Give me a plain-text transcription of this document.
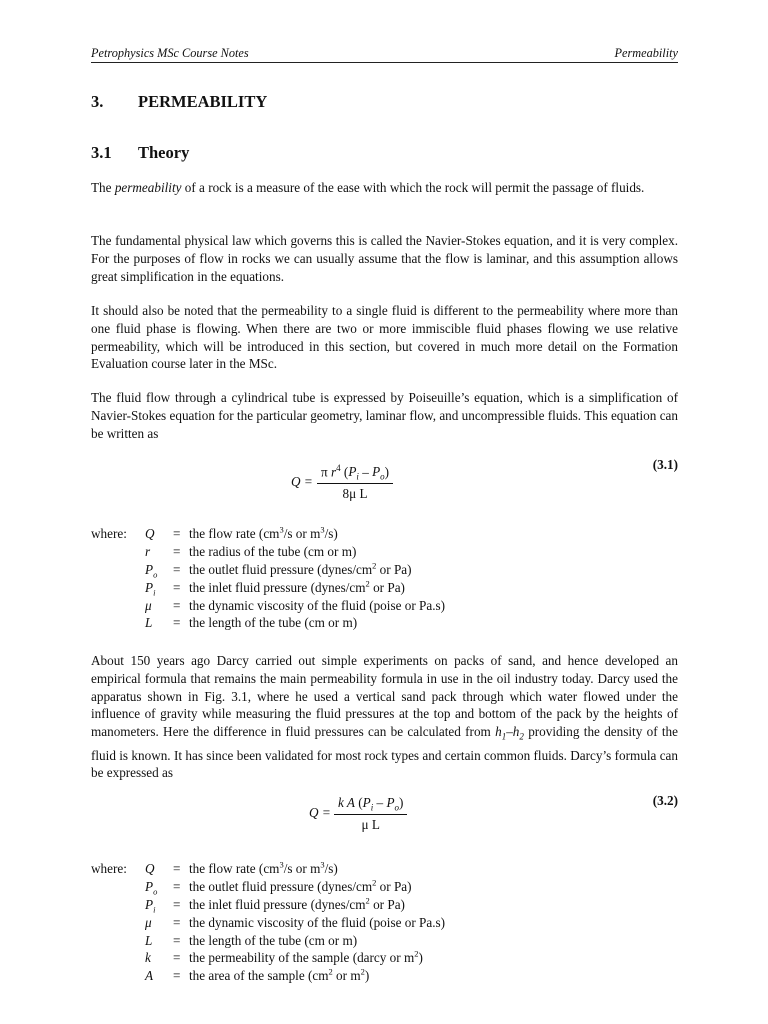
Petrophysics MSc Course Notes	Permeability
3. PERMEABILITY
3.1 Theory

The permeability of a rock is a measure of the ease with which the rock will permit the passage of fluids.

The fundamental physical law which governs this is called the Navier-Stokes equation, and it is very complex. For the purposes of flow in rocks we can usually assume that the flow is laminar, and this assumption allows great simplification in the equations.

It should also be noted that the permeability to a single fluid is different to the permeability where more than one fluid phase is flowing. When there are two or more immiscible fluid phases flowing we use relative permeability, which will be introduced in this section, but covered in much more detail on the Formation Evaluation course later in the MSc.

The fluid flow through a cylindrical tube is expressed by Poiseuille’s equation, which is a simplification of Navier-Stokes equation for the particular geometry, laminar flow, and uncompressible fluids. This equation can be written as

$Q = \frac{\pi r^4 (P_i - P_o)}{\text{8μ L}}$	(3.1)
where: Q = the flow rate ($cm^3/s$ or $m^3/s$)
r = the radius of the tube (cm or m)
$P_o$ = the outlet fluid pressure ($dynes/cm^2$ or Pa)
$P_i$ = the inlet fluid pressure ($dynes/cm^2$ or Pa)
μ = the dynamic viscosity of the fluid (poise or Pa.s)
L = the length of the tube (cm or m)

About 150 years ago Darcy carried out simple experiments on packs of sand, and hence developed an empirical formula that remains the main permeability formula in use in the oil industry today. Darcy used the apparatus shown in Fig. 3.1, where he used a vertical sand pack through which water flowed under the influence of gravity while measuring the fluid pressures at the top and bottom of the pack by the heights of manometers. Here the difference in fluid pressures can be calculated from $h_1-h_2$ providing the density of the fluid is known. It has since been validated for most rock types and certain common fluids. Darcy’s formula can be expressed as

$Q = \frac{k A (P_i - P_o)}{\text{μ L}}$	(3.2)
where: Q = the flow rate ($cm^3/s$ or $m^3/s$)
$P_o$ = the outlet fluid pressure ($dynes/cm^2$ or Pa)
$P_i$ = the inlet fluid pressure ($dynes/cm^2$ or Pa)
μ = the dynamic viscosity of the fluid (poise or Pa.s)
L = the length of the tube (cm or m)
k = the permeability of the sample (darcy or $m^2$)
A = the area of the sample ($cm^2$ or $m^2$)
